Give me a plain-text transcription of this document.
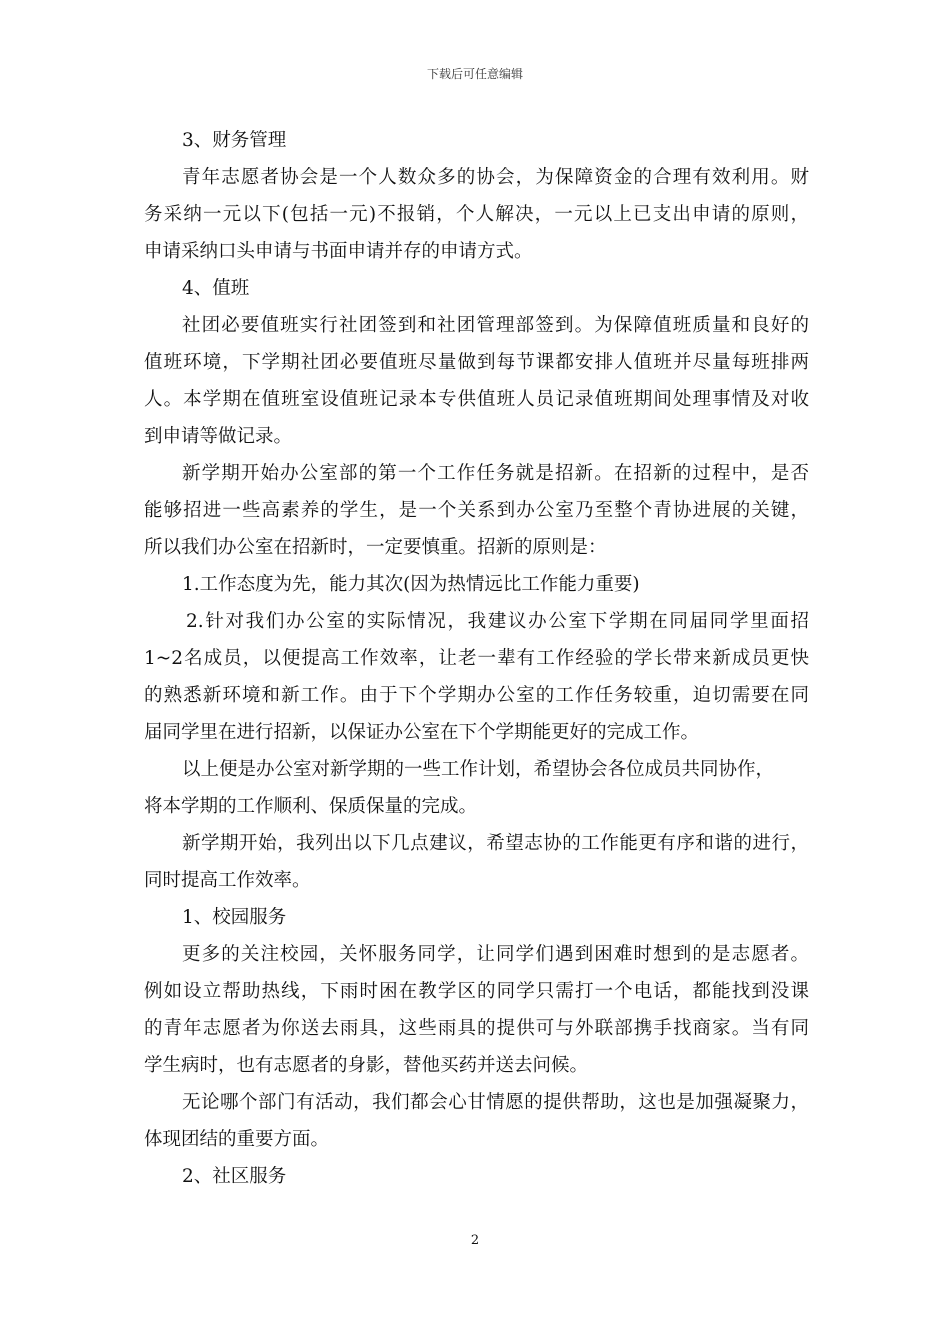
下载后可任意编辑
3、财务管理
青年志愿者协会是一个人数众多的协会，为保障资金的合理有效利用。财
务采纳一元以下(包括一元)不报销，个人解决，一元以上已支出申请的原则，
申请采纳口头申请与书面申请并存的申请方式。
4、值班
社团必要值班实行社团签到和社团管理部签到。为保障值班质量和良好的
值班环境，下学期社团必要值班尽量做到每节课都安排人值班并尽量每班排两
人。本学期在值班室设值班记录本专供值班人员记录值班期间处理事情及对收
到申请等做记录。
新学期开始办公室部的第一个工作任务就是招新。在招新的过程中，是否
能够招进一些高素养的学生，是一个关系到办公室乃至整个青协进展的关键，
所以我们办公室在招新时，一定要慎重。招新的原则是：
1.工作态度为先，能力其次(因为热情远比工作能力重要)
2.针对我们办公室的实际情况，我建议办公室下学期在同届同学里面招
1~2名成员，以便提高工作效率，让老一辈有工作经验的学长带来新成员更快
的熟悉新环境和新工作。由于下个学期办公室的工作任务较重，迫切需要在同
届同学里在进行招新，以保证办公室在下个学期能更好的完成工作。
以上便是办公室对新学期的一些工作计划，希望协会各位成员共同协作，
将本学期的工作顺利、保质保量的完成。
新学期开始，我列出以下几点建议，希望志协的工作能更有序和谐的进行，
同时提高工作效率。
1、校园服务
更多的关注校园，关怀服务同学，让同学们遇到困难时想到的是志愿者。
例如设立帮助热线，下雨时困在教学区的同学只需打一个电话，都能找到没课
的青年志愿者为你送去雨具，这些雨具的提供可与外联部携手找商家。当有同
学生病时，也有志愿者的身影，替他买药并送去问候。
无论哪个部门有活动，我们都会心甘情愿的提供帮助，这也是加强凝聚力，
体现团结的重要方面。
2、社区服务
2
